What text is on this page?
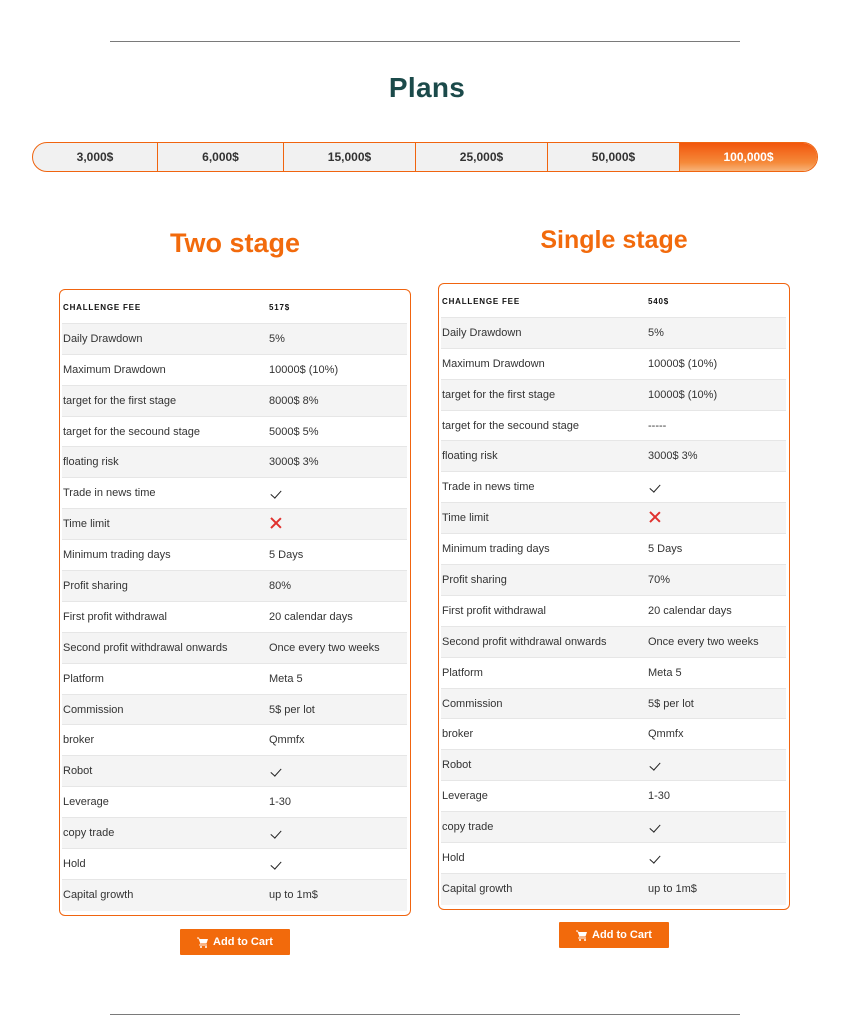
Plans
3,000$	6,000$	15,000$	25,000$	50,000$	100,000$
Two stage
CHALLENGE FEE	517$
Daily Drawdown	5%
Maximum Drawdown	10000$ (10%)
target for the first stage	8000$ 8%
target for the secound stage	5000$ 5%
floating risk	3000$ 3%
Trade in news time
Time limit
Minimum trading days	5 Days
Profit sharing	80%
First profit withdrawal	20 calendar days
Second profit withdrawal onwards	Once every two weeks
Platform	Meta 5
Commission	5$ per lot
broker	Qmmfx
Robot
Leverage	1-30
copy trade
Hold
Capital growth	up to 1m$
Add to Cart
Single stage
CHALLENGE FEE	540$
Daily Drawdown	5%
Maximum Drawdown	10000$ (10%)
target for the first stage	10000$ (10%)
target for the secound stage	-----
floating risk	3000$ 3%
Trade in news time
Time limit
Minimum trading days	5 Days
Profit sharing	70%
First profit withdrawal	20 calendar days
Second profit withdrawal onwards	Once every two weeks
Platform	Meta 5
Commission	5$ per lot
broker	Qmmfx
Robot
Leverage	1-30
copy trade
Hold
Capital growth	up to 1m$
Add to Cart
